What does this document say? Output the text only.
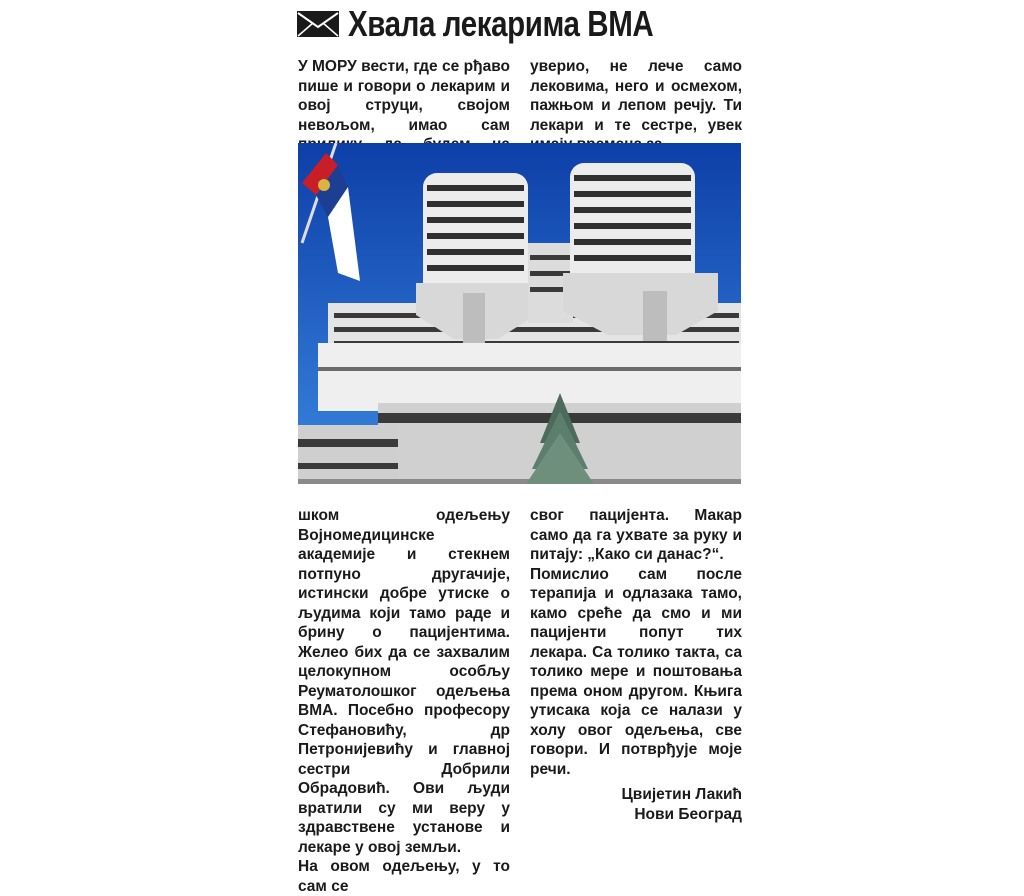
Хвала лекарима ВМА

У МОРУ вести, где се рђаво пише и говори о лекарим и овој струци, својом невољом, имао сам

уверио, не лече само лековима, него и осмехом, пажњом и лепом речју. Ти лекари и те сестре, увек

шком одељењу Војномедицинске академије и стекнем потпуно другачије, истински добре утиске о људима који тамо раде и брину о пацијентима. Желео бих да се захвалим целокупном особљу Реуматолошког одељења ВМА. Посебно професору Стефановићу, др Петронијевићу и главној сестри Добрили Обрадовић. Ови људи вратили су ми веру у здравствене установе и лекаре у овој земљи.

На овом одељењу, у то сам се

свог пацијента. Макар само да га ухвате за руку и питају: „Како си данас?“.

Помислио сам после терапија и одлазака тамо, камо среће да смо и ми пацијенти попут тих лекара. Са толико такта, са толико мере и поштовања према оном другом. Књига утисака која се налази у холу овог одељења, све говори. И потврђује моје речи.

Цвијетин Лакић
Нови Београд
